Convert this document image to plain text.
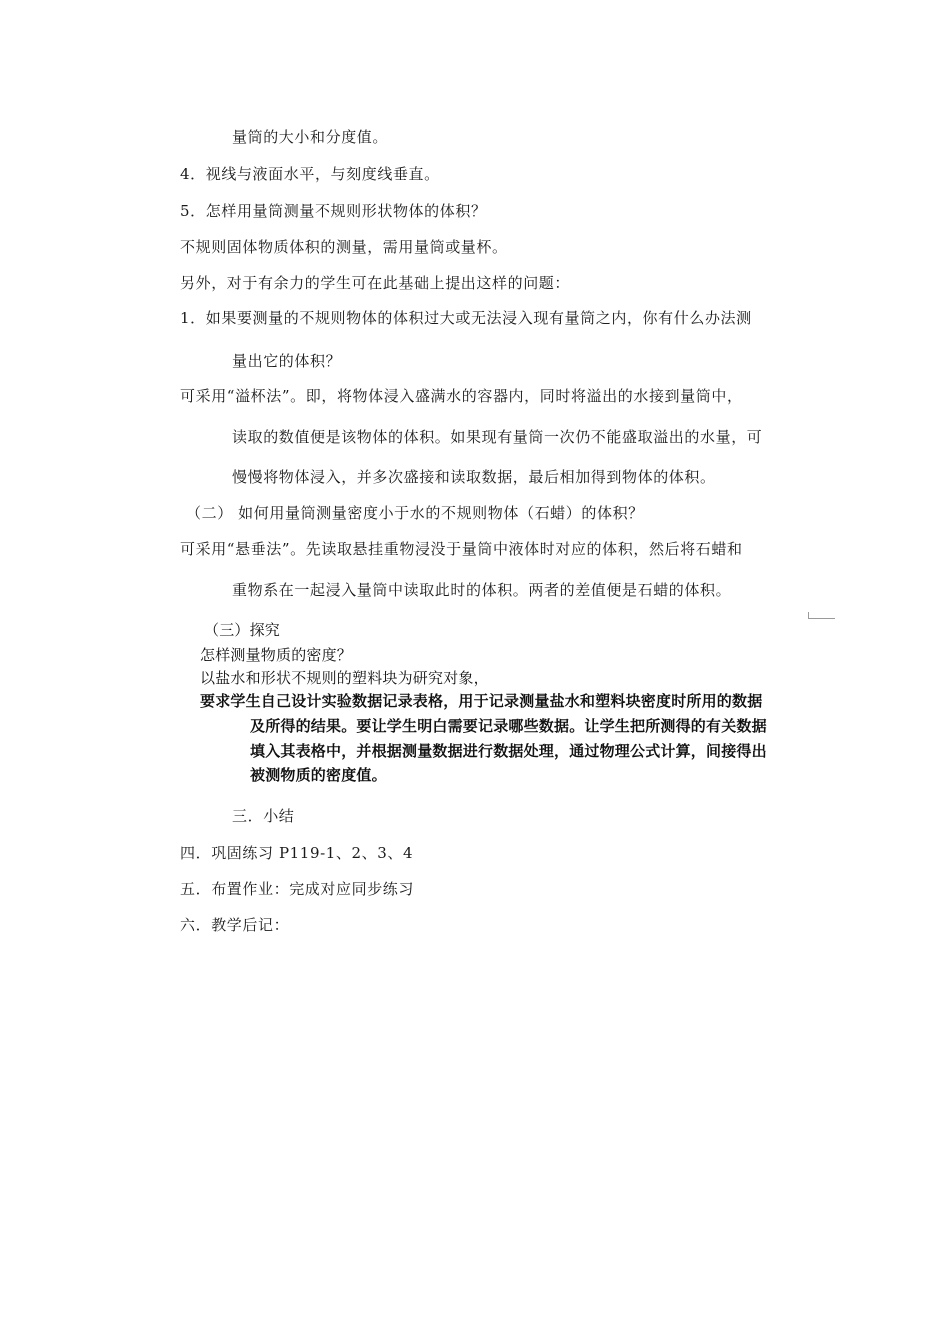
量筒的大小和分度值。
4．视线与液面水平，与刻度线垂直。
5．怎样用量筒测量不规则形状物体的体积？
不规则固体物质体积的测量，需用量筒或量杯。
另外，对于有余力的学生可在此基础上提出这样的问题：
1．如果要测量的不规则物体的体积过大或无法浸入现有量筒之内，你有什么办法测
量出它的体积？
可采用“溢杯法”。即，将物体浸入盛满水的容器内，同时将溢出的水接到量筒中，
读取的数值便是该物体的体积。如果现有量筒一次仍不能盛取溢出的水量，可
慢慢将物体浸入，并多次盛接和读取数据，最后相加得到物体的体积。
（二） 如何用量筒测量密度小于水的不规则物体（石蜡）的体积？
可采用“悬垂法”。先读取悬挂重物浸没于量筒中液体时对应的体积，然后将石蜡和
重物系在一起浸入量筒中读取此时的体积。两者的差值便是石蜡的体积。
（三）探究
怎样测量物质的密度？
以盐水和形状不规则的塑料块为研究对象，
要求学生自己设计实验数据记录表格，用于记录测量盐水和塑料块密度时所用的数据
及所得的结果。要让学生明白需要记录哪些数据。让学生把所测得的有关数据
填入其表格中，并根据测量数据进行数据处理，通过物理公式计算，间接得出
被测物质的密度值。
三．小结
四．巩固练习 P119-1、2、3、4
五．布置作业：完成对应同步练习
六．教学后记：
